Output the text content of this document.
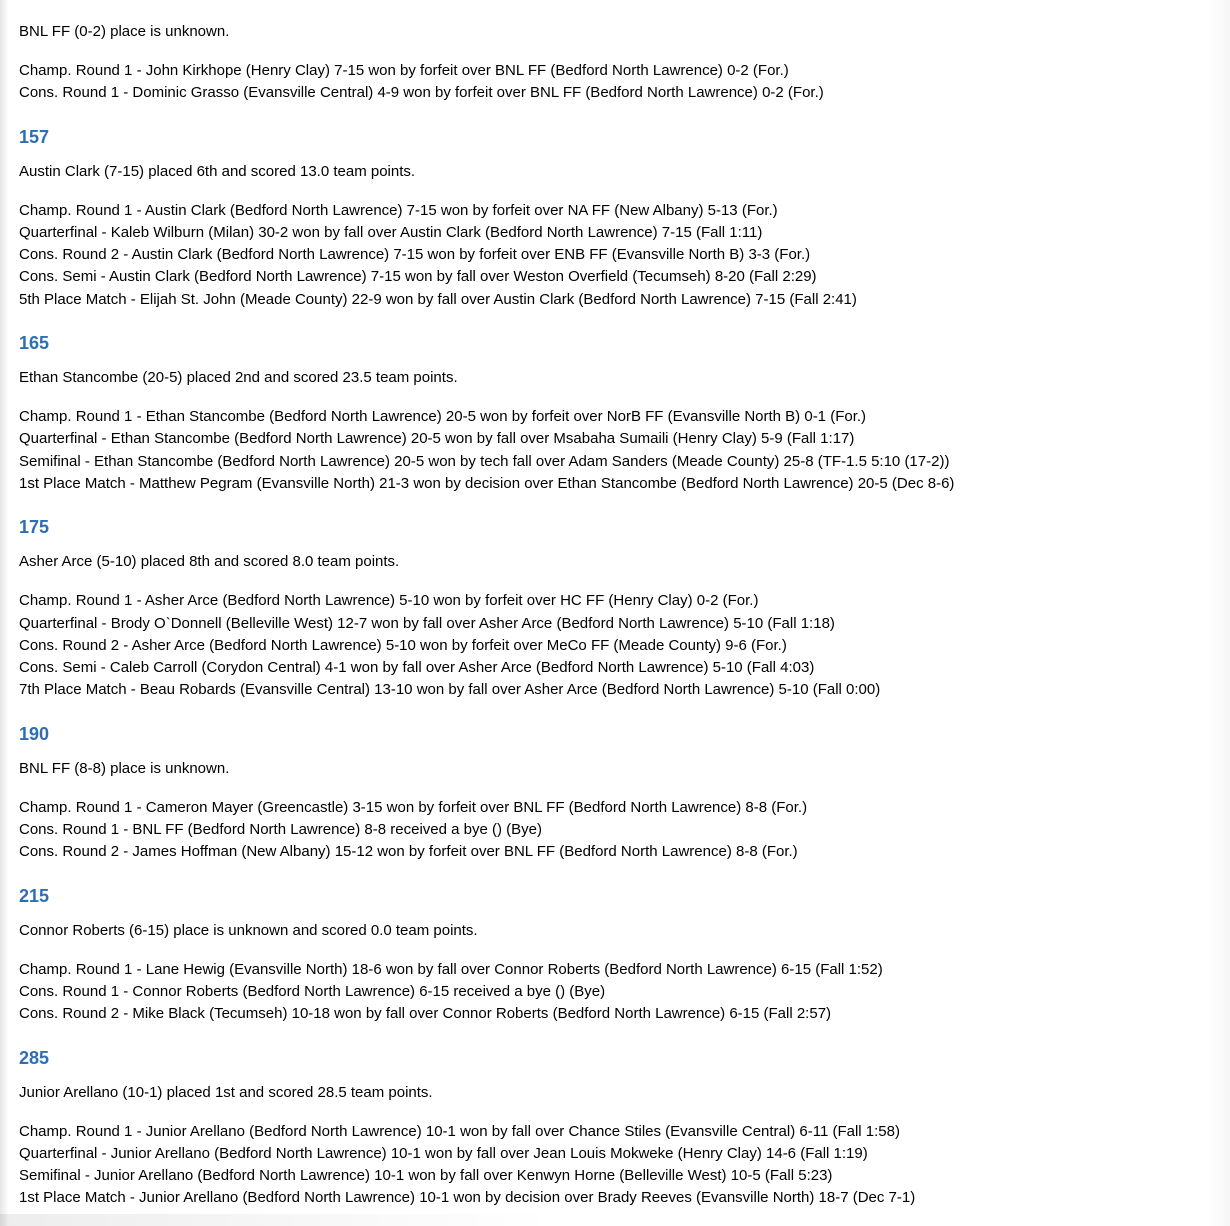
BNL FF (0-2) place is unknown.

Champ. Round 1 - John Kirkhope (Henry Clay) 7-15 won by forfeit over BNL FF (Bedford North Lawrence) 0-2 (For.)
Cons. Round 1 - Dominic Grasso (Evansville Central) 4-9 won by forfeit over BNL FF (Bedford North Lawrence) 0-2 (For.)
157

Austin Clark (7-15) placed 6th and scored 13.0 team points.

Champ. Round 1 - Austin Clark (Bedford North Lawrence) 7-15 won by forfeit over NA FF (New Albany) 5-13 (For.)
Quarterfinal - Kaleb Wilburn (Milan) 30-2 won by fall over Austin Clark (Bedford North Lawrence) 7-15 (Fall 1:11)
Cons. Round 2 - Austin Clark (Bedford North Lawrence) 7-15 won by forfeit over ENB FF (Evansville North B) 3-3 (For.)
Cons. Semi - Austin Clark (Bedford North Lawrence) 7-15 won by fall over Weston Overfield (Tecumseh) 8-20 (Fall 2:29)
5th Place Match - Elijah St. John (Meade County) 22-9 won by fall over Austin Clark (Bedford North Lawrence) 7-15 (Fall 2:41)
165

Ethan Stancombe (20-5) placed 2nd and scored 23.5 team points.

Champ. Round 1 - Ethan Stancombe (Bedford North Lawrence) 20-5 won by forfeit over NorB FF (Evansville North B) 0-1 (For.)
Quarterfinal - Ethan Stancombe (Bedford North Lawrence) 20-5 won by fall over Msabaha Sumaili (Henry Clay) 5-9 (Fall 1:17)
Semifinal - Ethan Stancombe (Bedford North Lawrence) 20-5 won by tech fall over Adam Sanders (Meade County) 25-8 (TF-1.5 5:10 (17-2))
1st Place Match - Matthew Pegram (Evansville North) 21-3 won by decision over Ethan Stancombe (Bedford North Lawrence) 20-5 (Dec 8-6)
175

Asher Arce (5-10) placed 8th and scored 8.0 team points.

Champ. Round 1 - Asher Arce (Bedford North Lawrence) 5-10 won by forfeit over HC FF (Henry Clay) 0-2 (For.)
Quarterfinal - Brody O`Donnell (Belleville West) 12-7 won by fall over Asher Arce (Bedford North Lawrence) 5-10 (Fall 1:18)
Cons. Round 2 - Asher Arce (Bedford North Lawrence) 5-10 won by forfeit over MeCo FF (Meade County) 9-6 (For.)
Cons. Semi - Caleb Carroll (Corydon Central) 4-1 won by fall over Asher Arce (Bedford North Lawrence) 5-10 (Fall 4:03)
7th Place Match - Beau Robards (Evansville Central) 13-10 won by fall over Asher Arce (Bedford North Lawrence) 5-10 (Fall 0:00)
190

BNL FF (8-8) place is unknown.

Champ. Round 1 - Cameron Mayer (Greencastle) 3-15 won by forfeit over BNL FF (Bedford North Lawrence) 8-8 (For.)
Cons. Round 1 - BNL FF (Bedford North Lawrence) 8-8 received a bye () (Bye)
Cons. Round 2 - James Hoffman (New Albany) 15-12 won by forfeit over BNL FF (Bedford North Lawrence) 8-8 (For.)
215

Connor Roberts (6-15) place is unknown and scored 0.0 team points.

Champ. Round 1 - Lane Hewig (Evansville North) 18-6 won by fall over Connor Roberts (Bedford North Lawrence) 6-15 (Fall 1:52)
Cons. Round 1 - Connor Roberts (Bedford North Lawrence) 6-15 received a bye () (Bye)
Cons. Round 2 - Mike Black (Tecumseh) 10-18 won by fall over Connor Roberts (Bedford North Lawrence) 6-15 (Fall 2:57)
285

Junior Arellano (10-1) placed 1st and scored 28.5 team points.

Champ. Round 1 - Junior Arellano (Bedford North Lawrence) 10-1 won by fall over Chance Stiles (Evansville Central) 6-11 (Fall 1:58)
Quarterfinal - Junior Arellano (Bedford North Lawrence) 10-1 won by fall over Jean Louis Mokweke (Henry Clay) 14-6 (Fall 1:19)
Semifinal - Junior Arellano (Bedford North Lawrence) 10-1 won by fall over Kenwyn Horne (Belleville West) 10-5 (Fall 5:23)
1st Place Match - Junior Arellano (Bedford North Lawrence) 10-1 won by decision over Brady Reeves (Evansville North) 18-7 (Dec 7-1)
